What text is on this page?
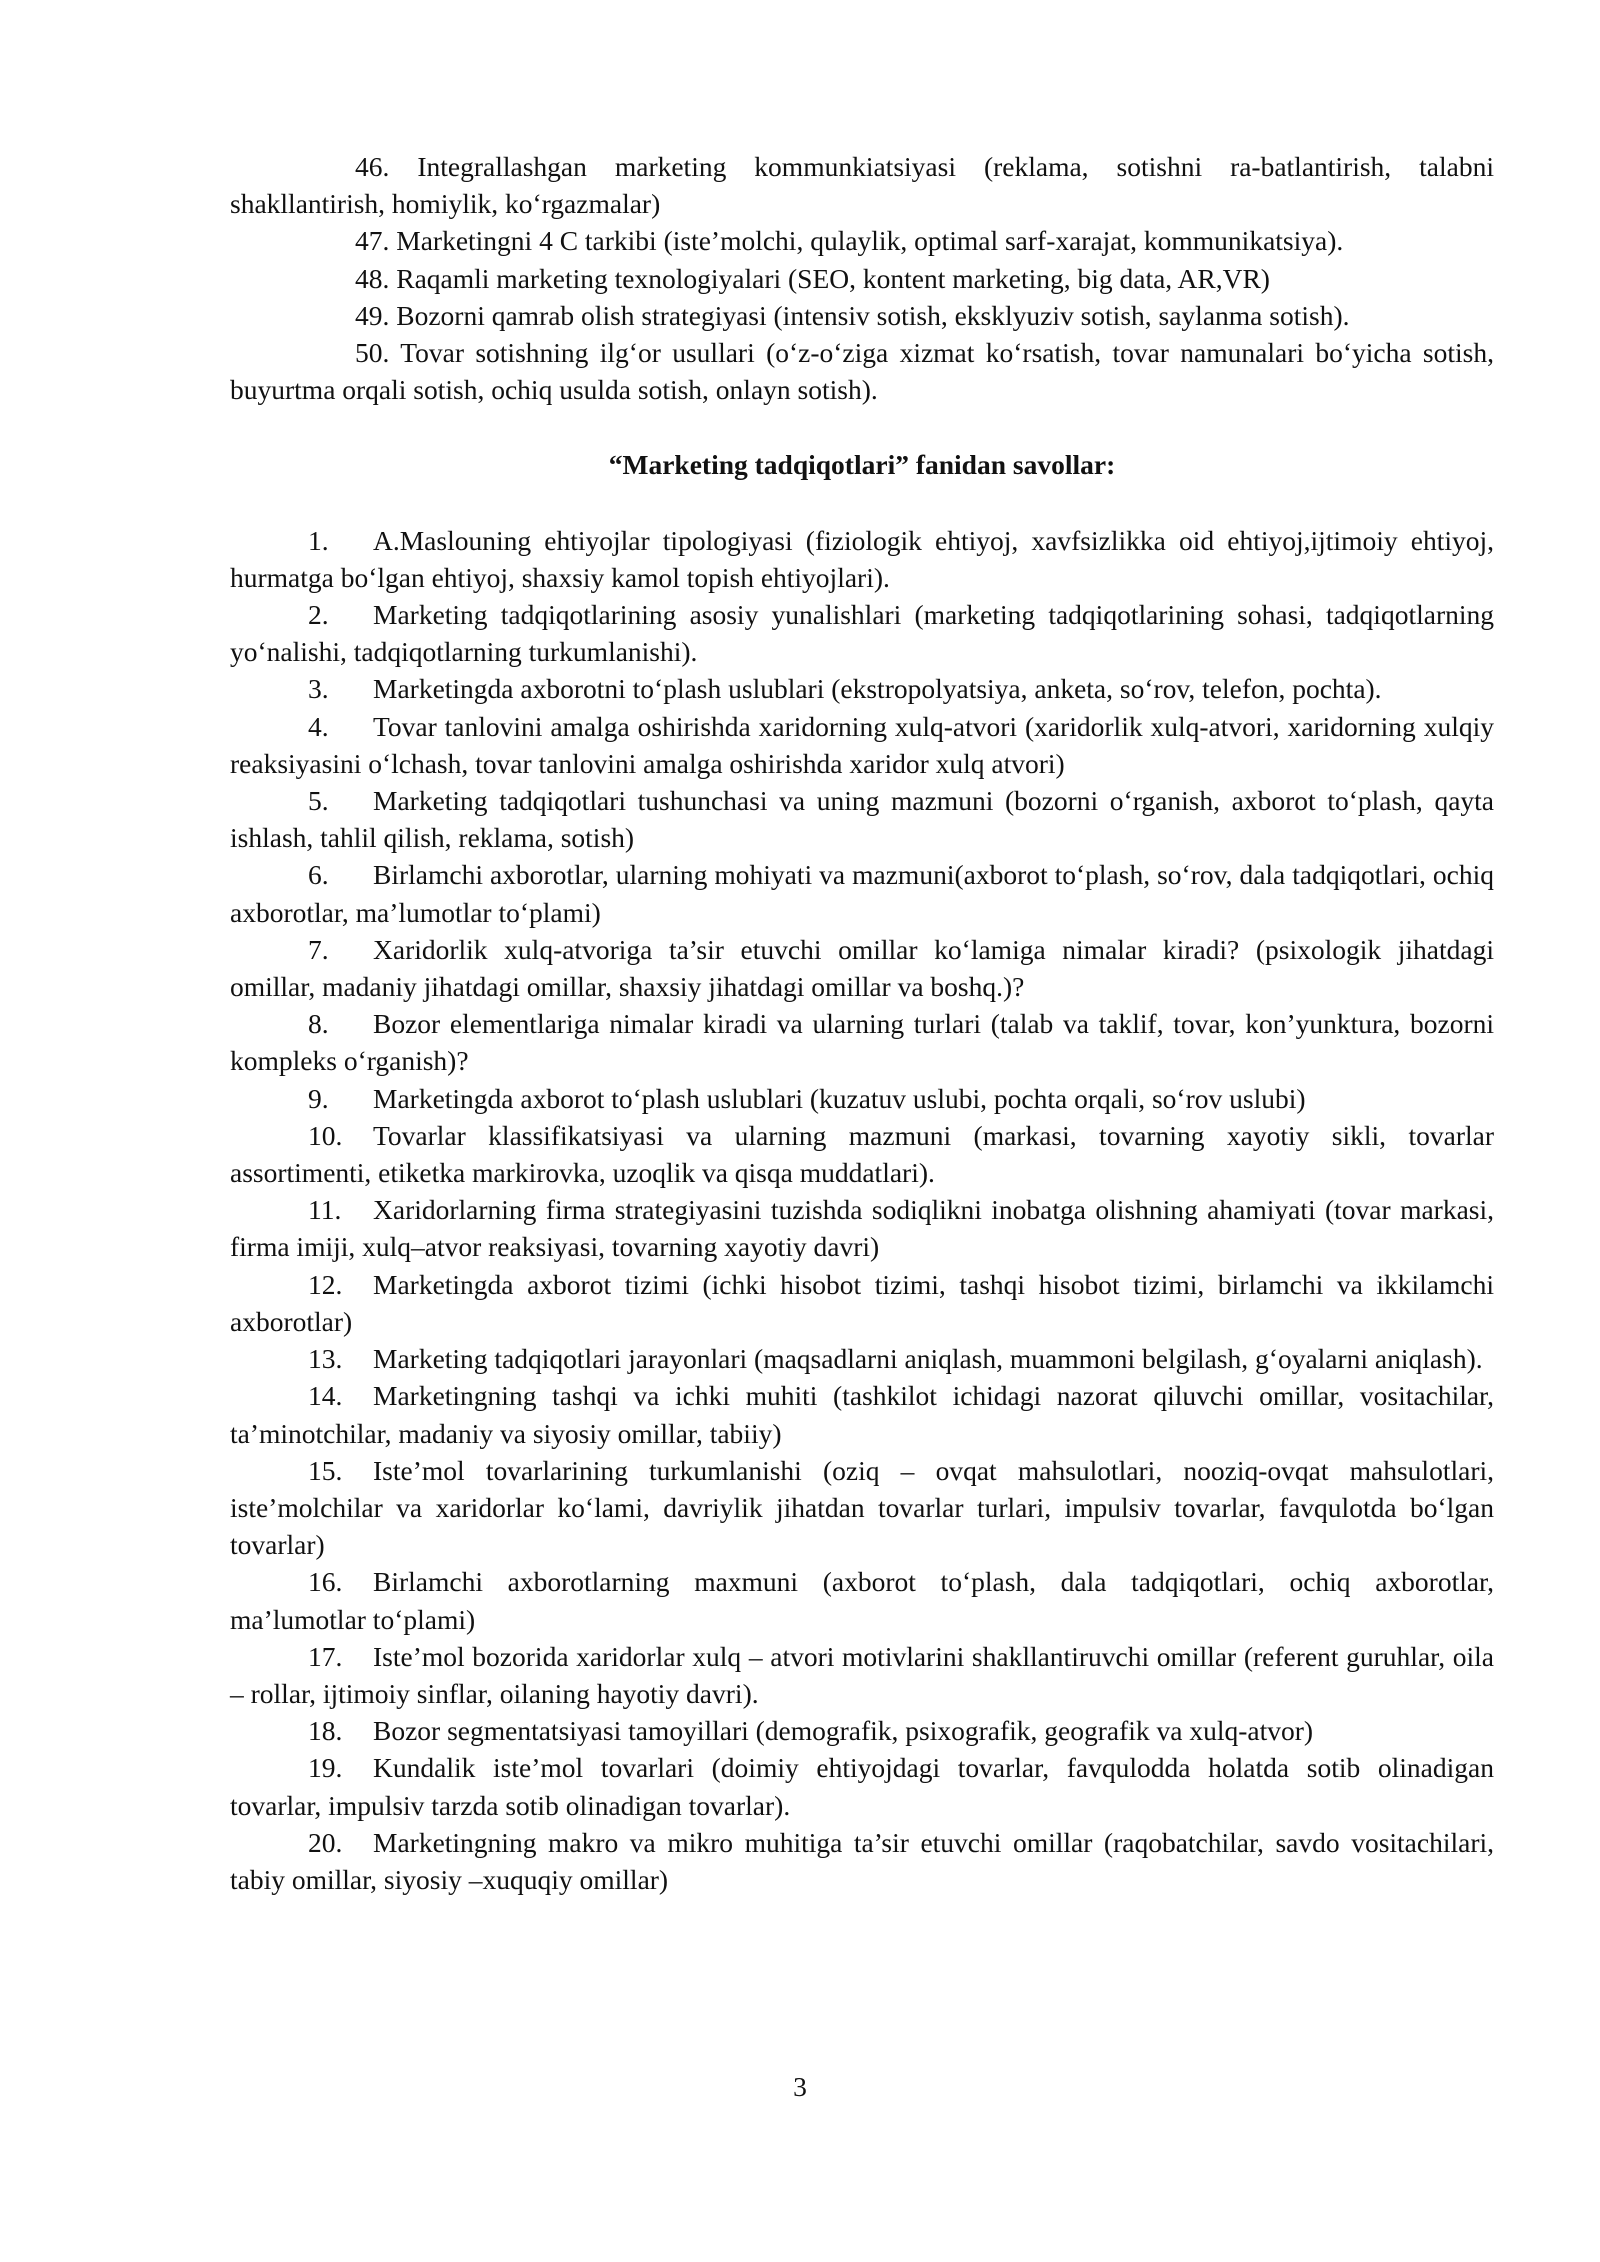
46. Integrallashgan marketing kommunkiatsiyasi (reklama, sotishni ra-batlantirish, talabni shakllantirish, homiylik, ko‘rgazmalar)

47. Marketingni 4 C tarkibi (iste’molchi, qulaylik, optimal sarf-xarajat, kommunikatsiya).

48. Raqamli marketing texnologiyalari (SEO, kontent marketing, big data, AR,VR)

49. Bozorni qamrab olish strategiyasi (intensiv sotish, eksklyuziv sotish, saylanma sotish).

50. Tovar sotishning ilg‘or usullari (o‘z-o‘ziga xizmat ko‘rsatish, tovar namunalari bo‘yicha sotish, buyurtma orqali sotish, ochiq usulda sotish, onlayn sotish).

“Marketing tadqiqotlari” fanidan savollar:

1. A.Maslouning ehtiyojlar tipologiyasi (fiziologik ehtiyoj, xavfsizlikka oid ehtiyoj,ijtimoiy ehtiyoj, hurmatga bo‘lgan ehtiyoj, shaxsiy kamol topish ehtiyojlari).

2. Marketing tadqiqotlarining asosiy yunalishlari (marketing tadqiqotlarining sohasi, tadqiqotlarning yo‘nalishi, tadqiqotlarning turkumlanishi).

3. Marketingda axborotni to‘plash uslublari (ekstropolyatsiya, anketa, so‘rov, telefon, pochta).

4. Tovar tanlovini amalga oshirishda xaridorning xulq-atvori (xaridorlik xulq-atvori, xaridorning xulqiy reaksiyasini o‘lchash, tovar tanlovini amalga oshirishda xaridor xulq atvori)

5. Marketing tadqiqotlari tushunchasi va uning mazmuni (bozorni o‘rganish, axborot to‘plash, qayta ishlash, tahlil qilish, reklama, sotish)

6. Birlamchi axborotlar, ularning mohiyati va mazmuni(axborot to‘plash, so‘rov, dala tadqiqotlari, ochiq axborotlar, ma’lumotlar to‘plami)

7. Xaridorlik xulq-atvoriga ta’sir etuvchi omillar ko‘lamiga nimalar kiradi? (psixologik jihatdagi omillar, madaniy jihatdagi omillar, shaxsiy jihatdagi omillar va boshq.)?

8. Bozor elementlariga nimalar kiradi va ularning turlari (talab va taklif, tovar, kon’yunktura, bozorni kompleks o‘rganish)?

9. Marketingda axborot to‘plash uslublari (kuzatuv uslubi, pochta orqali, so‘rov uslubi)

10. Tovarlar klassifikatsiyasi va ularning mazmuni (markasi, tovarning xayotiy sikli, tovarlar assortimenti, etiketka markirovka, uzoqlik va qisqa muddatlari).

11. Xaridorlarning firma strategiyasini tuzishda sodiqlikni inobatga olishning ahamiyati (tovar markasi, firma imiji, xulq–atvor reaksiyasi, tovarning xayotiy davri)

12. Marketingda axborot tizimi (ichki hisobot tizimi, tashqi hisobot tizimi, birlamchi va ikkilamchi axborotlar)

13. Marketing tadqiqotlari jarayonlari (maqsadlarni aniqlash, muammoni belgilash, g‘oyalarni aniqlash).

14. Marketingning tashqi va ichki muhiti (tashkilot ichidagi nazorat qiluvchi omillar, vositachilar, ta’minotchilar, madaniy va siyosiy omillar, tabiiy)

15. Iste’mol tovarlarining turkumlanishi (oziq – ovqat mahsulotlari, nooziq-ovqat mahsulotlari, iste’molchilar va xaridorlar ko‘lami, davriylik jihatdan tovarlar turlari, impulsiv tovarlar, favqulotda bo‘lgan tovarlar)

16. Birlamchi axborotlarning maxmuni (axborot to‘plash, dala tadqiqotlari, ochiq axborotlar, ma’lumotlar to‘plami)

17. Iste’mol bozorida xaridorlar xulq – atvori motivlarini shakllantiruvchi omillar (referent guruhlar, oila – rollar, ijtimoiy sinflar, oilaning hayotiy davri).

18. Bozor segmentatsiyasi tamoyillari (demografik, psixografik, geografik va xulq-atvor)

19. Kundalik iste’mol tovarlari (doimiy ehtiyojdagi tovarlar, favqulodda holatda sotib olinadigan tovarlar, impulsiv tarzda sotib olinadigan tovarlar).

20. Marketingning makro va mikro muhitiga ta’sir etuvchi omillar (raqobatchilar, savdo vositachilari, tabiy omillar, siyosiy –xuquqiy omillar)

3
